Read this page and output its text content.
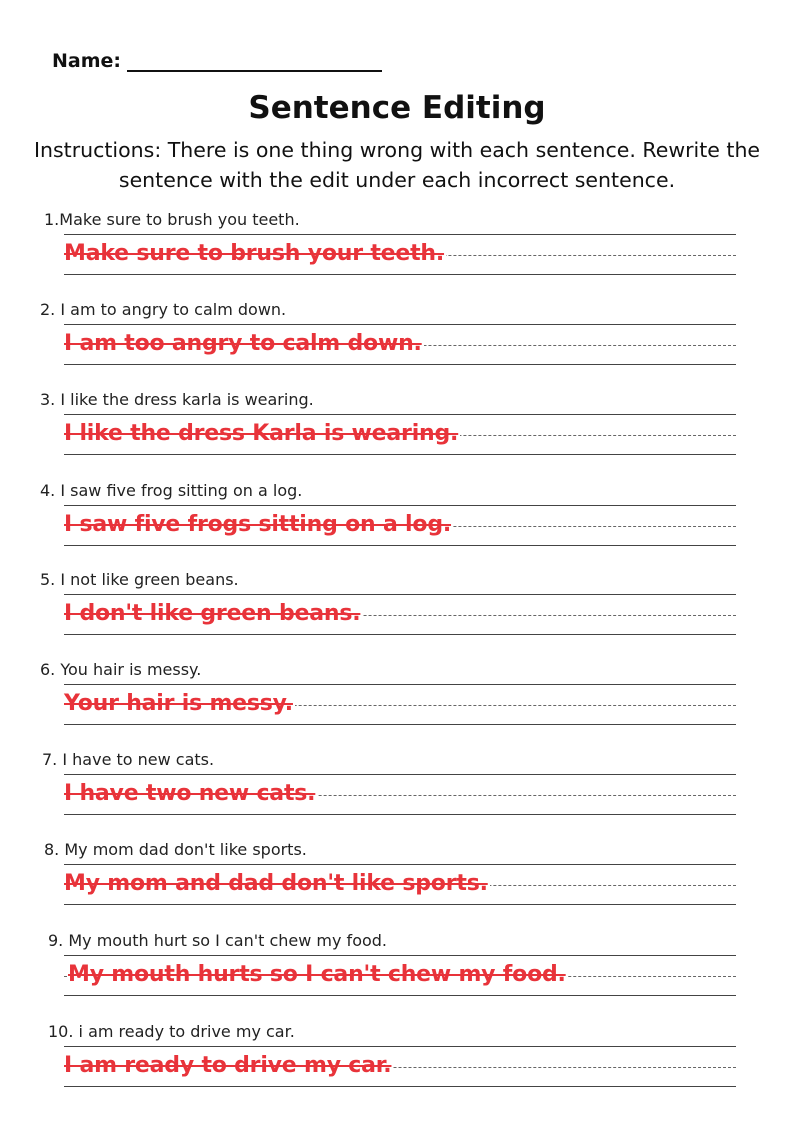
Name:
Sentence Editing
Instructions: There is one thing wrong with each sentence. Rewrite the sentence with the edit under each incorrect sentence.
1.Make sure to brush you teeth.
Make sure to brush your teeth.
2. I am to angry to calm down.
I am too angry to calm down.
3. I like the dress karla is wearing.
I like the dress Karla is wearing.
4. I saw five frog sitting on a log.
I saw five frogs sitting on a log.
5. I not like green beans.
I don't like green beans.
6. You hair is messy.
Your hair is messy.
7. I have to new cats.
I have two new cats.
8. My mom dad don't like sports.
My mom and dad don't like sports.
9. My mouth hurt so I can't chew my food.
My mouth hurts so I can't chew my food.
10. i am ready to drive my car.
I am ready to drive my car.
